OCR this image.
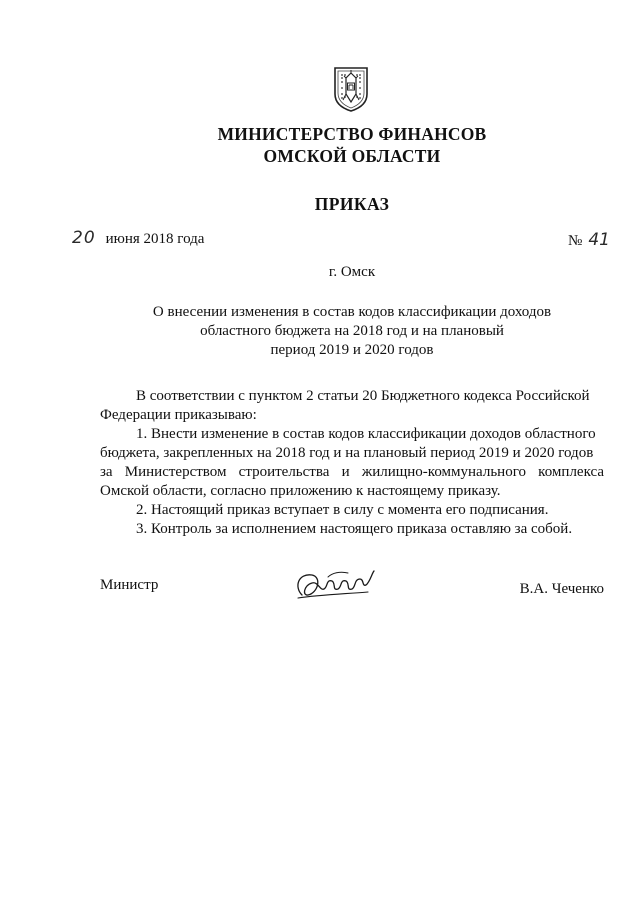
МИНИСТЕРСТВО ФИНАНСОВ
ОМСКОЙ ОБЛАСТИ
ПРИКАЗ
20 июня 2018 года	№ 41
г. Омск
О внесении изменения в состав кодов классификации доходов
областного бюджета на 2018 год и на плановый
период 2019 и 2020 годов
В соответствии с пунктом 2 статьи 20 Бюджетного кодекса Российской
Федерации приказываю:
1. Внести изменение в состав кодов классификации доходов областного
бюджета, закрепленных на 2018 год и на плановый период 2019 и 2020 годов
за Министерством строительства и жилищно-коммунального комплекса
Омской области, согласно приложению к настоящему приказу.
2. Настоящий приказ вступает в силу с момента его подписания.
3. Контроль за исполнением настоящего приказа оставляю за собой.
Министр	В.А. Чеченко
